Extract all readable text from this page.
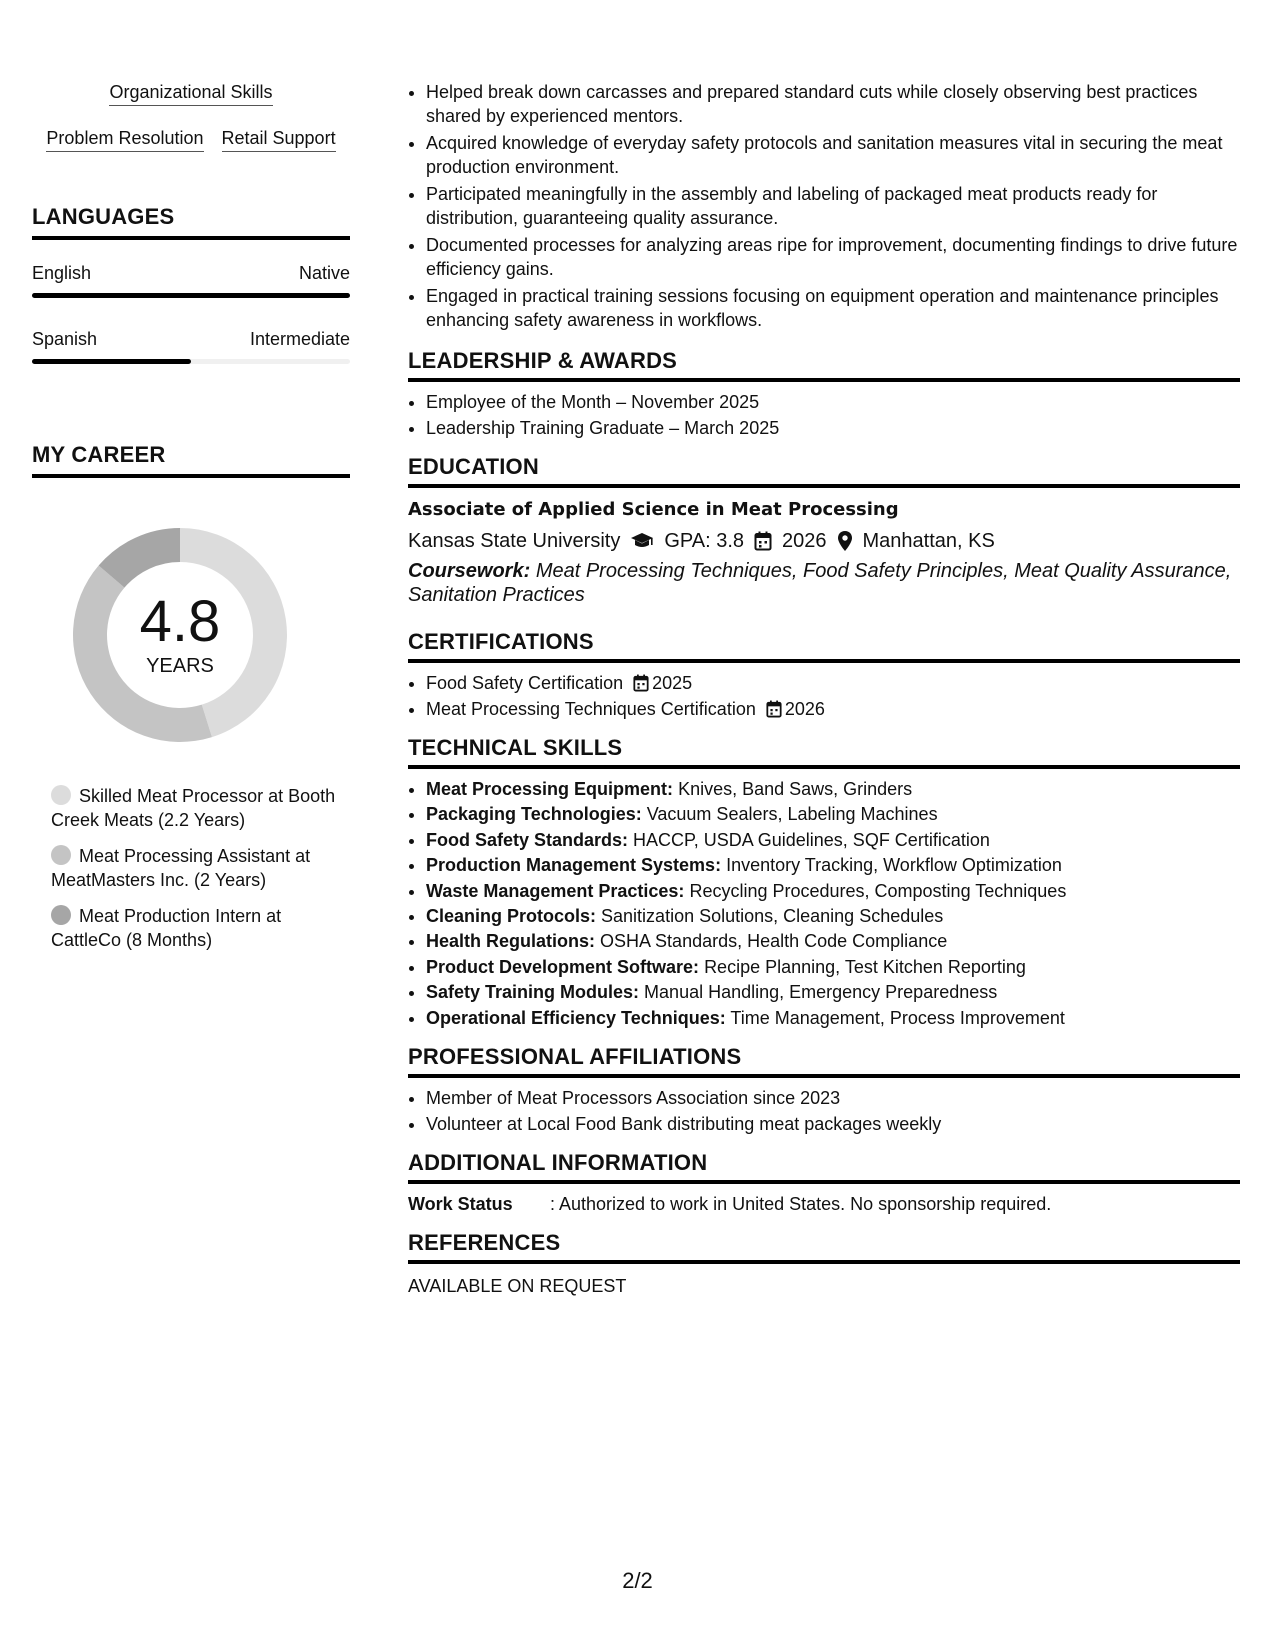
Organizational Skills
Problem Resolution Retail Support
LANGUAGES
English	Native
Spanish	Intermediate
MY CAREER
4.8
YEARS
Skilled Meat Processor at Booth Creek Meats (2.2 Years)
Meat Processing Assistant at MeatMasters Inc. (2 Years)
Meat Production Intern at CattleCo (8 Months)
• Helped break down carcasses and prepared standard cuts while closely observing best practices shared by experienced mentors.
• Acquired knowledge of everyday safety protocols and sanitation measures vital in securing the meat production environment.
• Participated meaningfully in the assembly and labeling of packaged meat products ready for distribution, guaranteeing quality assurance.
• Documented processes for analyzing areas ripe for improvement, documenting findings to drive future efficiency gains.
• Engaged in practical training sessions focusing on equipment operation and maintenance principles enhancing safety awareness in workflows.
LEADERSHIP & AWARDS
• Employee of the Month – November 2025
• Leadership Training Graduate – March 2025
EDUCATION
Associate of Applied Science in Meat Processing
Kansas State University GPA: 3.8 2026 Manhattan, KS
Coursework: Meat Processing Techniques, Food Safety Principles, Meat Quality Assurance, Sanitation Practices
CERTIFICATIONS
• Food Safety Certification 2025
• Meat Processing Techniques Certification 2026
TECHNICAL SKILLS
• Meat Processing Equipment: Knives, Band Saws, Grinders
• Packaging Technologies: Vacuum Sealers, Labeling Machines
• Food Safety Standards: HACCP, USDA Guidelines, SQF Certification
• Production Management Systems: Inventory Tracking, Workflow Optimization
• Waste Management Practices: Recycling Procedures, Composting Techniques
• Cleaning Protocols: Sanitization Solutions, Cleaning Schedules
• Health Regulations: OSHA Standards, Health Code Compliance
• Product Development Software: Recipe Planning, Test Kitchen Reporting
• Safety Training Modules: Manual Handling, Emergency Preparedness
• Operational Efficiency Techniques: Time Management, Process Improvement
PROFESSIONAL AFFILIATIONS
• Member of Meat Processors Association since 2023
• Volunteer at Local Food Bank distributing meat packages weekly
ADDITIONAL INFORMATION
Work Status	: Authorized to work in United States. No sponsorship required.
REFERENCES
AVAILABLE ON REQUEST
2/2
